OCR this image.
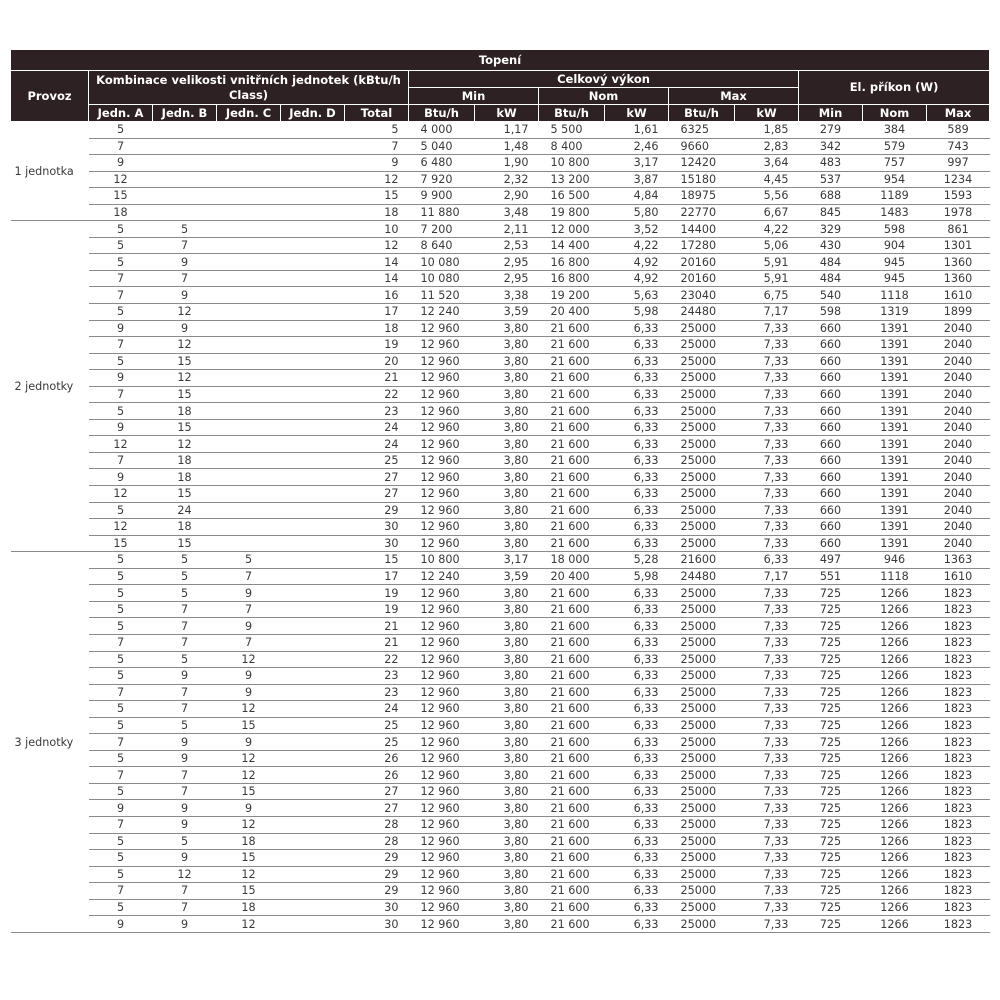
Topení														
Provoz	Kombinace velikosti vnitřních jednotek (kBtu/h Class)					Celkový výkon						El. příkon (W)		
						Min		Nom		Max				
	Jedn. A	Jedn. B	Jedn. C	Jedn. D	Total	Btu/h	kW	Btu/h	kW	Btu/h	kW	Min	Nom	Max
1 jednotka	5				5	4 000	1,17	5 500	1,61	6325	1,85	279	384	589
	7				7	5 040	1,48	8 400	2,46	9660	2,83	342	579	743
	9				9	6 480	1,90	10 800	3,17	12420	3,64	483	757	997
	12				12	7 920	2,32	13 200	3,87	15180	4,45	537	954	1234
	15				15	9 900	2,90	16 500	4,84	18975	5,56	688	1189	1593
	18				18	11 880	3,48	19 800	5,80	22770	6,67	845	1483	1978
2 jednotky	5	5			10	7 200	2,11	12 000	3,52	14400	4,22	329	598	861
	5	7			12	8 640	2,53	14 400	4,22	17280	5,06	430	904	1301
	5	9			14	10 080	2,95	16 800	4,92	20160	5,91	484	945	1360
	7	7			14	10 080	2,95	16 800	4,92	20160	5,91	484	945	1360
	7	9			16	11 520	3,38	19 200	5,63	23040	6,75	540	1118	1610
	5	12			17	12 240	3,59	20 400	5,98	24480	7,17	598	1319	1899
	9	9			18	12 960	3,80	21 600	6,33	25000	7,33	660	1391	2040
	7	12			19	12 960	3,80	21 600	6,33	25000	7,33	660	1391	2040
	5	15			20	12 960	3,80	21 600	6,33	25000	7,33	660	1391	2040
	9	12			21	12 960	3,80	21 600	6,33	25000	7,33	660	1391	2040
	7	15			22	12 960	3,80	21 600	6,33	25000	7,33	660	1391	2040
	5	18			23	12 960	3,80	21 600	6,33	25000	7,33	660	1391	2040
	9	15			24	12 960	3,80	21 600	6,33	25000	7,33	660	1391	2040
	12	12			24	12 960	3,80	21 600	6,33	25000	7,33	660	1391	2040
	7	18			25	12 960	3,80	21 600	6,33	25000	7,33	660	1391	2040
	9	18			27	12 960	3,80	21 600	6,33	25000	7,33	660	1391	2040
	12	15			27	12 960	3,80	21 600	6,33	25000	7,33	660	1391	2040
	5	24			29	12 960	3,80	21 600	6,33	25000	7,33	660	1391	2040
	12	18			30	12 960	3,80	21 600	6,33	25000	7,33	660	1391	2040
	15	15			30	12 960	3,80	21 600	6,33	25000	7,33	660	1391	2040
3 jednotky	5	5	5		15	10 800	3,17	18 000	5,28	21600	6,33	497	946	1363
	5	5	7		17	12 240	3,59	20 400	5,98	24480	7,17	551	1118	1610
	5	5	9		19	12 960	3,80	21 600	6,33	25000	7,33	725	1266	1823
	5	7	7		19	12 960	3,80	21 600	6,33	25000	7,33	725	1266	1823
	5	7	9		21	12 960	3,80	21 600	6,33	25000	7,33	725	1266	1823
	7	7	7		21	12 960	3,80	21 600	6,33	25000	7,33	725	1266	1823
	5	5	12		22	12 960	3,80	21 600	6,33	25000	7,33	725	1266	1823
	5	9	9		23	12 960	3,80	21 600	6,33	25000	7,33	725	1266	1823
	7	7	9		23	12 960	3,80	21 600	6,33	25000	7,33	725	1266	1823
	5	7	12		24	12 960	3,80	21 600	6,33	25000	7,33	725	1266	1823
	5	5	15		25	12 960	3,80	21 600	6,33	25000	7,33	725	1266	1823
	7	9	9		25	12 960	3,80	21 600	6,33	25000	7,33	725	1266	1823
	5	9	12		26	12 960	3,80	21 600	6,33	25000	7,33	725	1266	1823
	7	7	12		26	12 960	3,80	21 600	6,33	25000	7,33	725	1266	1823
	5	7	15		27	12 960	3,80	21 600	6,33	25000	7,33	725	1266	1823
	9	9	9		27	12 960	3,80	21 600	6,33	25000	7,33	725	1266	1823
	7	9	12		28	12 960	3,80	21 600	6,33	25000	7,33	725	1266	1823
	5	5	18		28	12 960	3,80	21 600	6,33	25000	7,33	725	1266	1823
	5	9	15		29	12 960	3,80	21 600	6,33	25000	7,33	725	1266	1823
	5	12	12		29	12 960	3,80	21 600	6,33	25000	7,33	725	1266	1823
	7	7	15		29	12 960	3,80	21 600	6,33	25000	7,33	725	1266	1823
	5	7	18		30	12 960	3,80	21 600	6,33	25000	7,33	725	1266	1823
	9	9	12		30	12 960	3,80	21 600	6,33	25000	7,33	725	1266	1823
